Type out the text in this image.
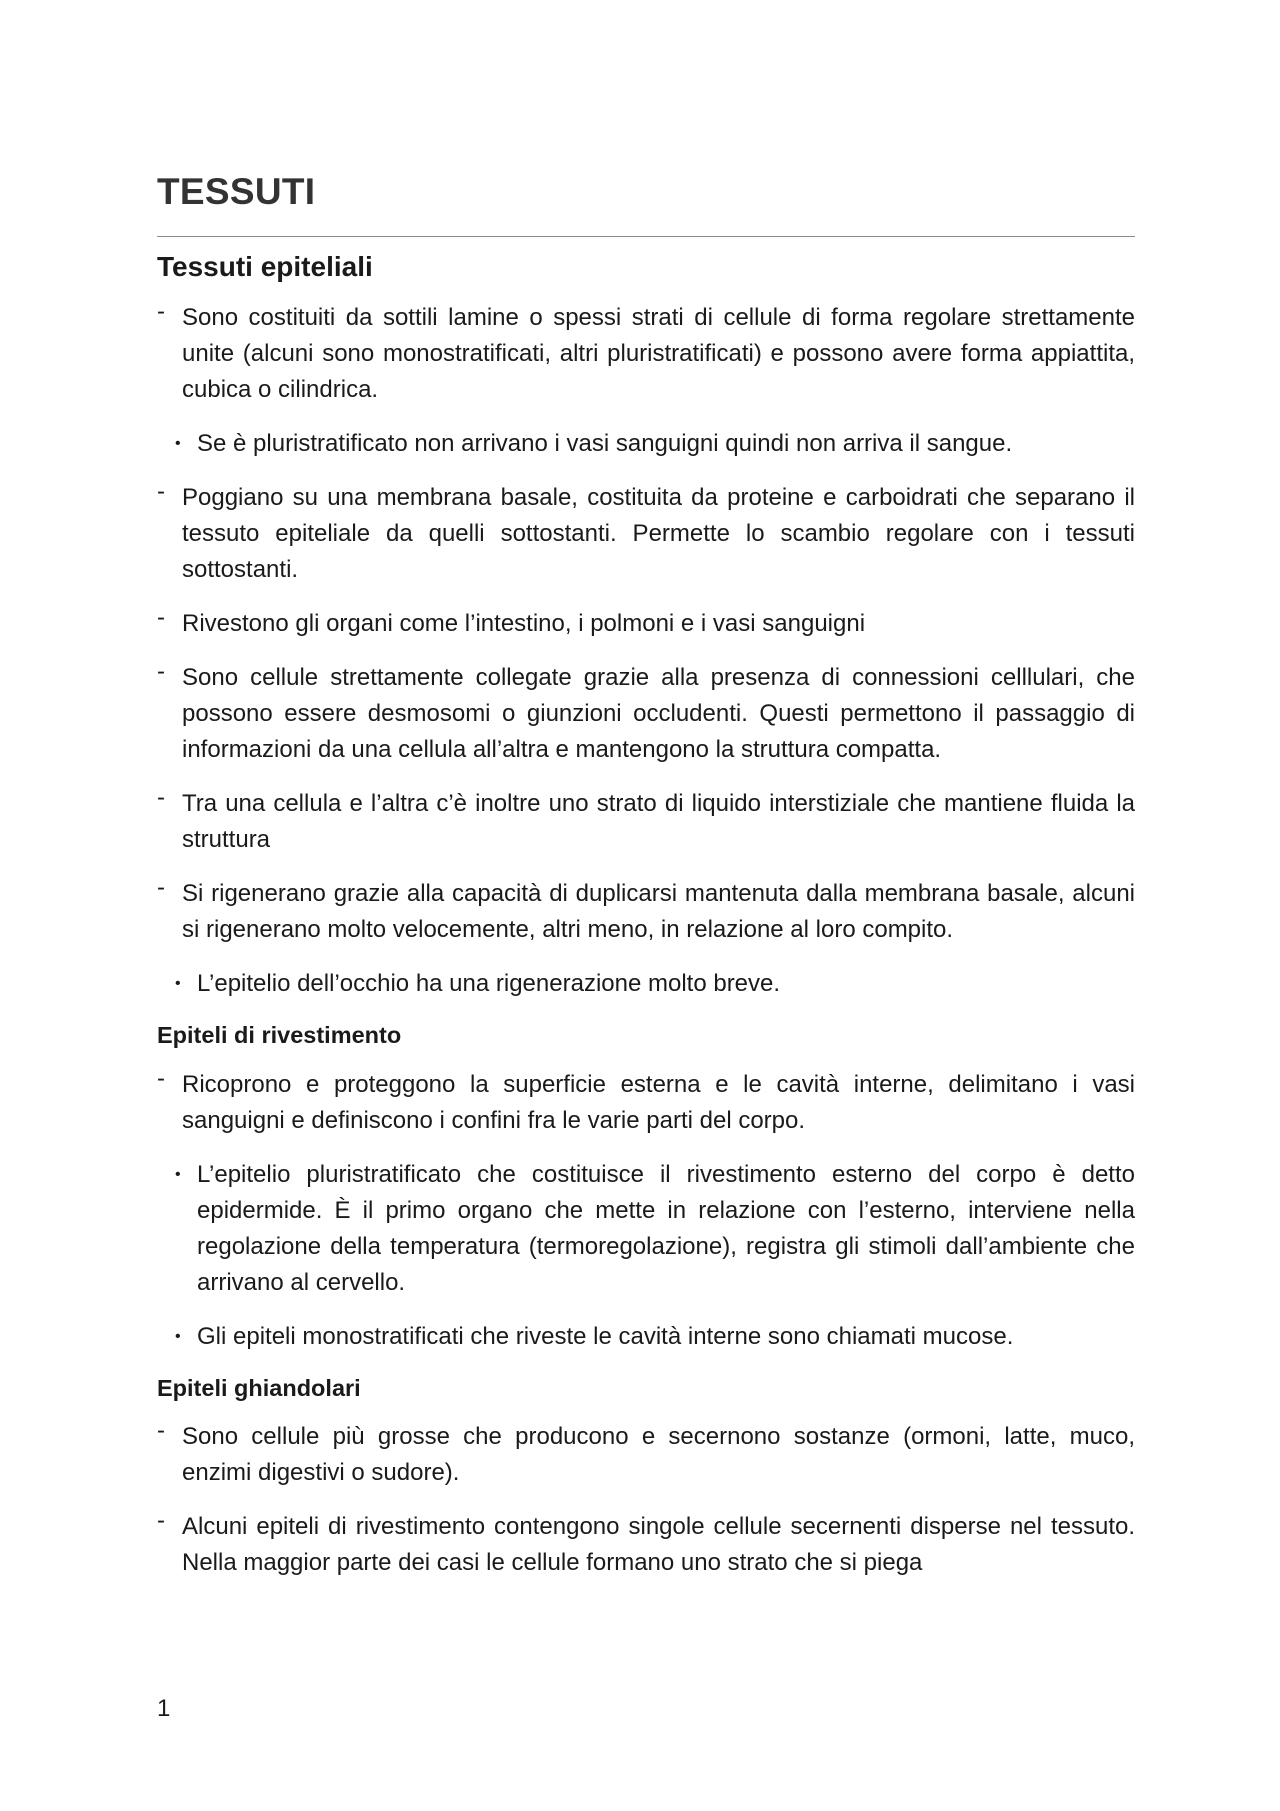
TESSUTI
Tessuti epiteliali
- Sono costituiti da sottili lamine o spessi strati di cellule di forma regolare strettamente unite (alcuni sono monostratificati, altri pluristratificati) e possono avere forma appiattita, cubica o cilindrica.
• Se è pluristratificato non arrivano i vasi sanguigni quindi non arriva il sangue.
- Poggiano su una membrana basale, costituita da proteine e carboidrati che separano il tessuto epiteliale da quelli sottostanti. Permette lo scambio regolare con i tessuti sottostanti.
- Rivestono gli organi come l’intestino, i polmoni e i vasi sanguigni
- Sono cellule strettamente collegate grazie alla presenza di connessioni celllulari, che possono essere desmosomi o giunzioni occludenti. Questi permettono il passaggio di informazioni da una cellula all’altra e mantengono la struttura compatta.
- Tra una cellula e l’altra c’è inoltre uno strato di liquido interstiziale che mantiene fluida la struttura
- Si rigenerano grazie alla capacità di duplicarsi mantenuta dalla membrana basale, alcuni si rigenerano molto velocemente, altri meno, in relazione al loro compito.
• L’epitelio dell’occhio ha una rigenerazione molto breve.
Epiteli di rivestimento
- Ricoprono e proteggono la superficie esterna e le cavità interne, delimitano i vasi sanguigni e definiscono i confini fra le varie parti del corpo.
• L’epitelio pluristratificato che costituisce il rivestimento esterno del corpo è detto epidermide. È il primo organo che mette in relazione con l’esterno, interviene nella regolazione della temperatura (termoregolazione), registra gli stimoli dall’ambiente che arrivano al cervello.
• Gli epiteli monostratificati che riveste le cavità interne sono chiamati mucose.
Epiteli ghiandolari
- Sono cellule più grosse che producono e secernono sostanze (ormoni, latte, muco, enzimi digestivi o sudore).
- Alcuni epiteli di rivestimento contengono singole cellule secernenti disperse nel tessuto. Nella maggior parte dei casi le cellule formano uno strato che si piega
1
